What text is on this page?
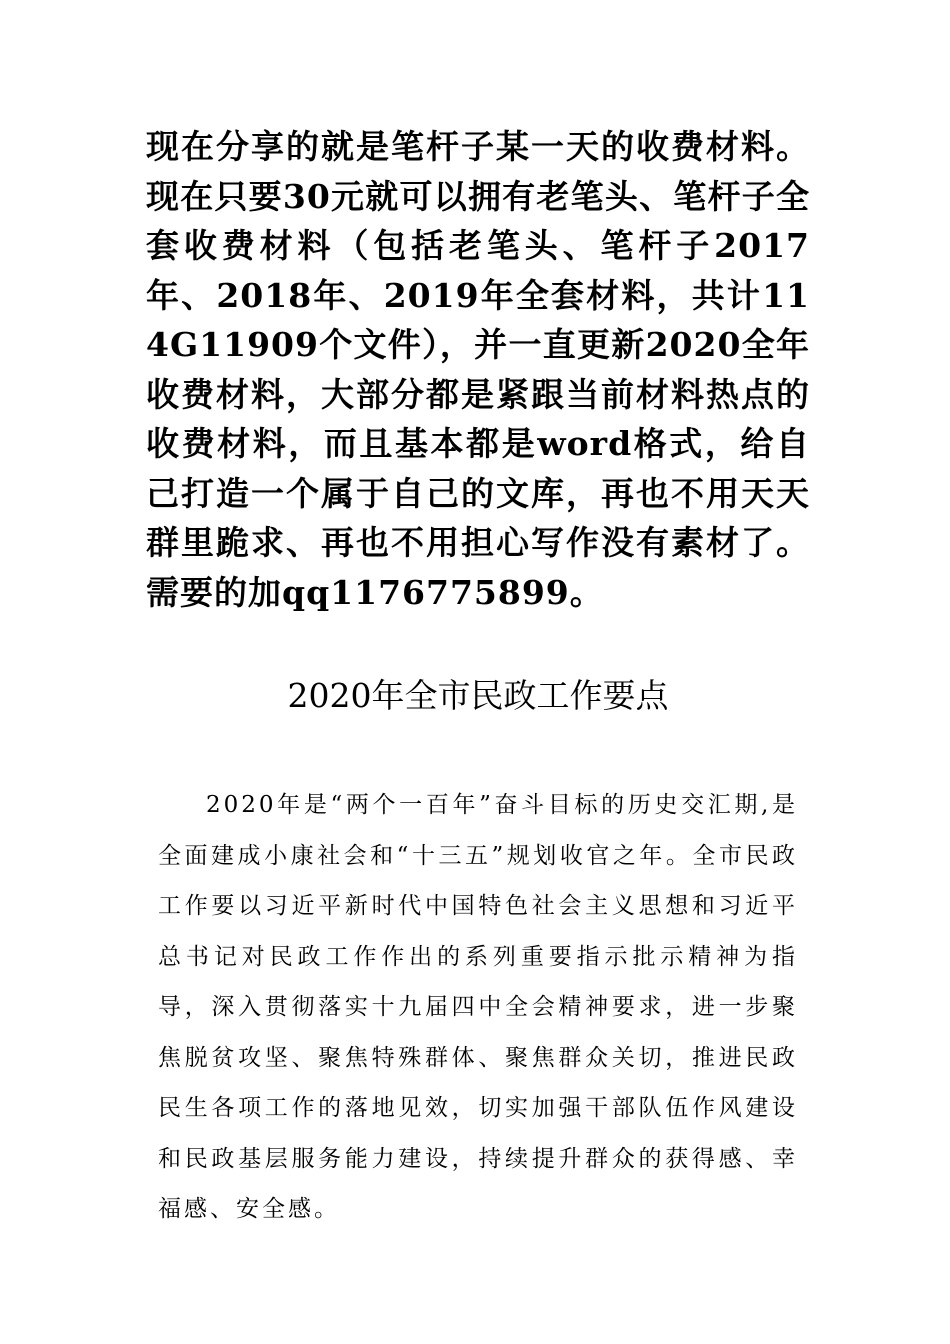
现在分享的就是笔杆子某一天的收费材料。现在只要30元就可以拥有老笔头、笔杆子全套收费材料（包括老笔头、笔杆子2017年、2018年、2019年全套材料，共计114G11909个文件），并一直更新2020全年收费材料，大部分都是紧跟当前材料热点的收费材料，而且基本都是word格式，给自己打造一个属于自己的文库，再也不用天天群里跪求、再也不用担心写作没有素材了。需要的加qq1176775899。

2020年全市民政工作要点

2020年是“两个一百年”奋斗目标的历史交汇期,是全面建成小康社会和“十三五”规划收官之年。全市民政工作要以习近平新时代中国特色社会主义思想和习近平总书记对民政工作作出的系列重要指示批示精神为指导，深入贯彻落实十九届四中全会精神要求，进一步聚焦脱贫攻坚、聚焦特殊群体、聚焦群众关切，推进民政民生各项工作的落地见效，切实加强干部队伍作风建设和民政基层服务能力建设，持续提升群众的获得感、幸福感、安全感。
